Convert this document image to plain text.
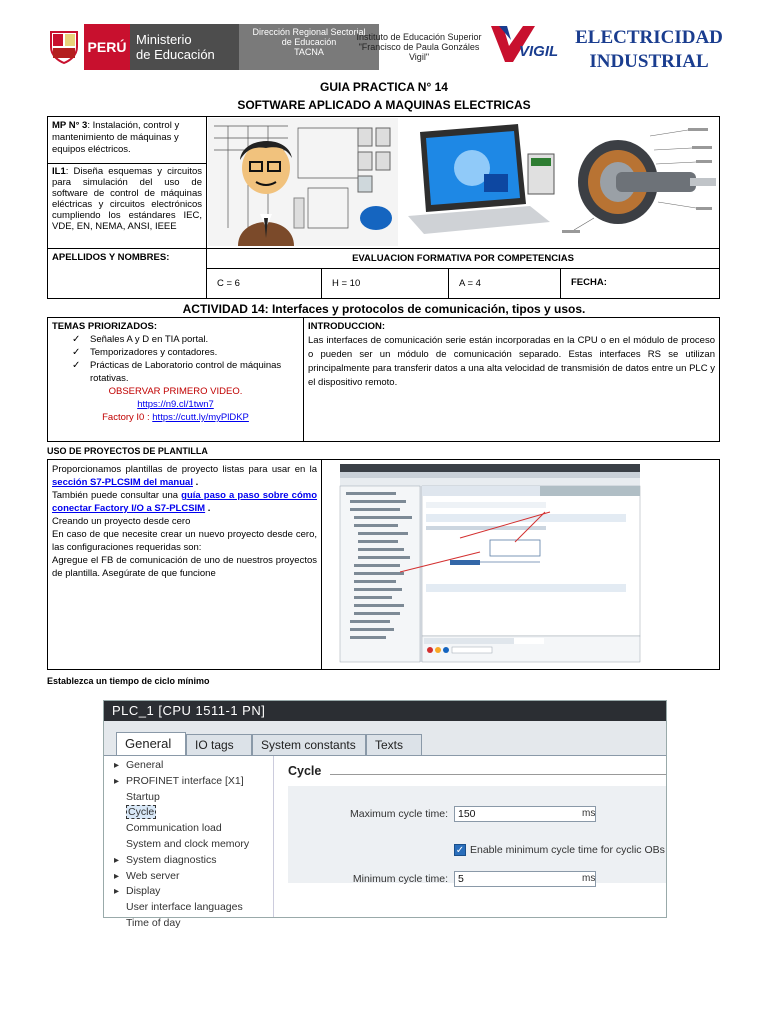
PERÚ Ministerio
de Educación
Dirección Regional Sectorial
de Educación
TACNA
Instituto de Educación Superior
"Francisco de Paula Gonzáles Vigil"	VIGIL
ELECTRICIDAD
INDUSTRIAL
GUIA PRACTICA N° 14
SOFTWARE APLICADO A MAQUINAS ELECTRICAS
MP N° 3: Instalación, control y mantenimiento de máquinas y equipos eléctricos.	

IL1: Diseña esquemas y circuitos para simulación del uso de software de control de máquinas eléctricas y circuitos electrónicos cumpliendo los estándares IEC, VDE, EN, NEMA, ANSI, IEEE				
APELLIDOS Y NOMBRES:	EVALUACION FORMATIVA POR COMPETENCIAS			
	C = 6	H = 10	A = 4	FECHA:
ACTIVIDAD 14: Interfaces y protocolos de comunicación, tipos y usos.
TEMAS PRIORIZADOS:
✓ Señales A y D en TIA portal.
✓ Temporizadores y contadores.
✓ Prácticas de Laboratorio control de máquinas rotativas.
OBSERVAR PRIMERO VIDEO.
https://n9.cl/1twn7
Factory I0 : https://cutt.ly/myPlDKP

INTRODUCCION:
Las interfaces de comunicación serie están incorporadas en la CPU o en el módulo de proceso o pueden ser un módulo de comunicación separado. Estas interfaces RS se utilizan principalmente para transferir datos a una alta velocidad de transmisión de datos entre un PLC y el dispositivo remoto.
USO DE PROYECTOS DE PLANTILLA

Proporcionamos plantillas de proyecto listas para usar en la sección S7-PLCSIM del manual .

También puede consultar una guía paso a paso sobre cómo conectar Factory I/O a S7-PLCSIM .

Creando un proyecto desde cero

En caso de que necesite crear un nuevo proyecto desde cero, las configuraciones requeridas son:

Agregue el FB de comunicación de uno de nuestros proyectos de plantilla. Asegúrate de que funcione

Establezca un tiempo de ciclo mínimo
PLC_1 [CPU 1511-1 PN]
General	IO tags	System constants	Texts
▸ General
▸ PROFINET interface [X1]
Startup
Cycle
Communication load
System and clock memory
▸ System diagnostics
▸ Web server
▸ Display
User interface languages
Time of day
Cycle
Maximum cycle time: 150	ms
✓ Enable minimum cycle time for cyclic OBs
Minimum cycle time: 5	ms
